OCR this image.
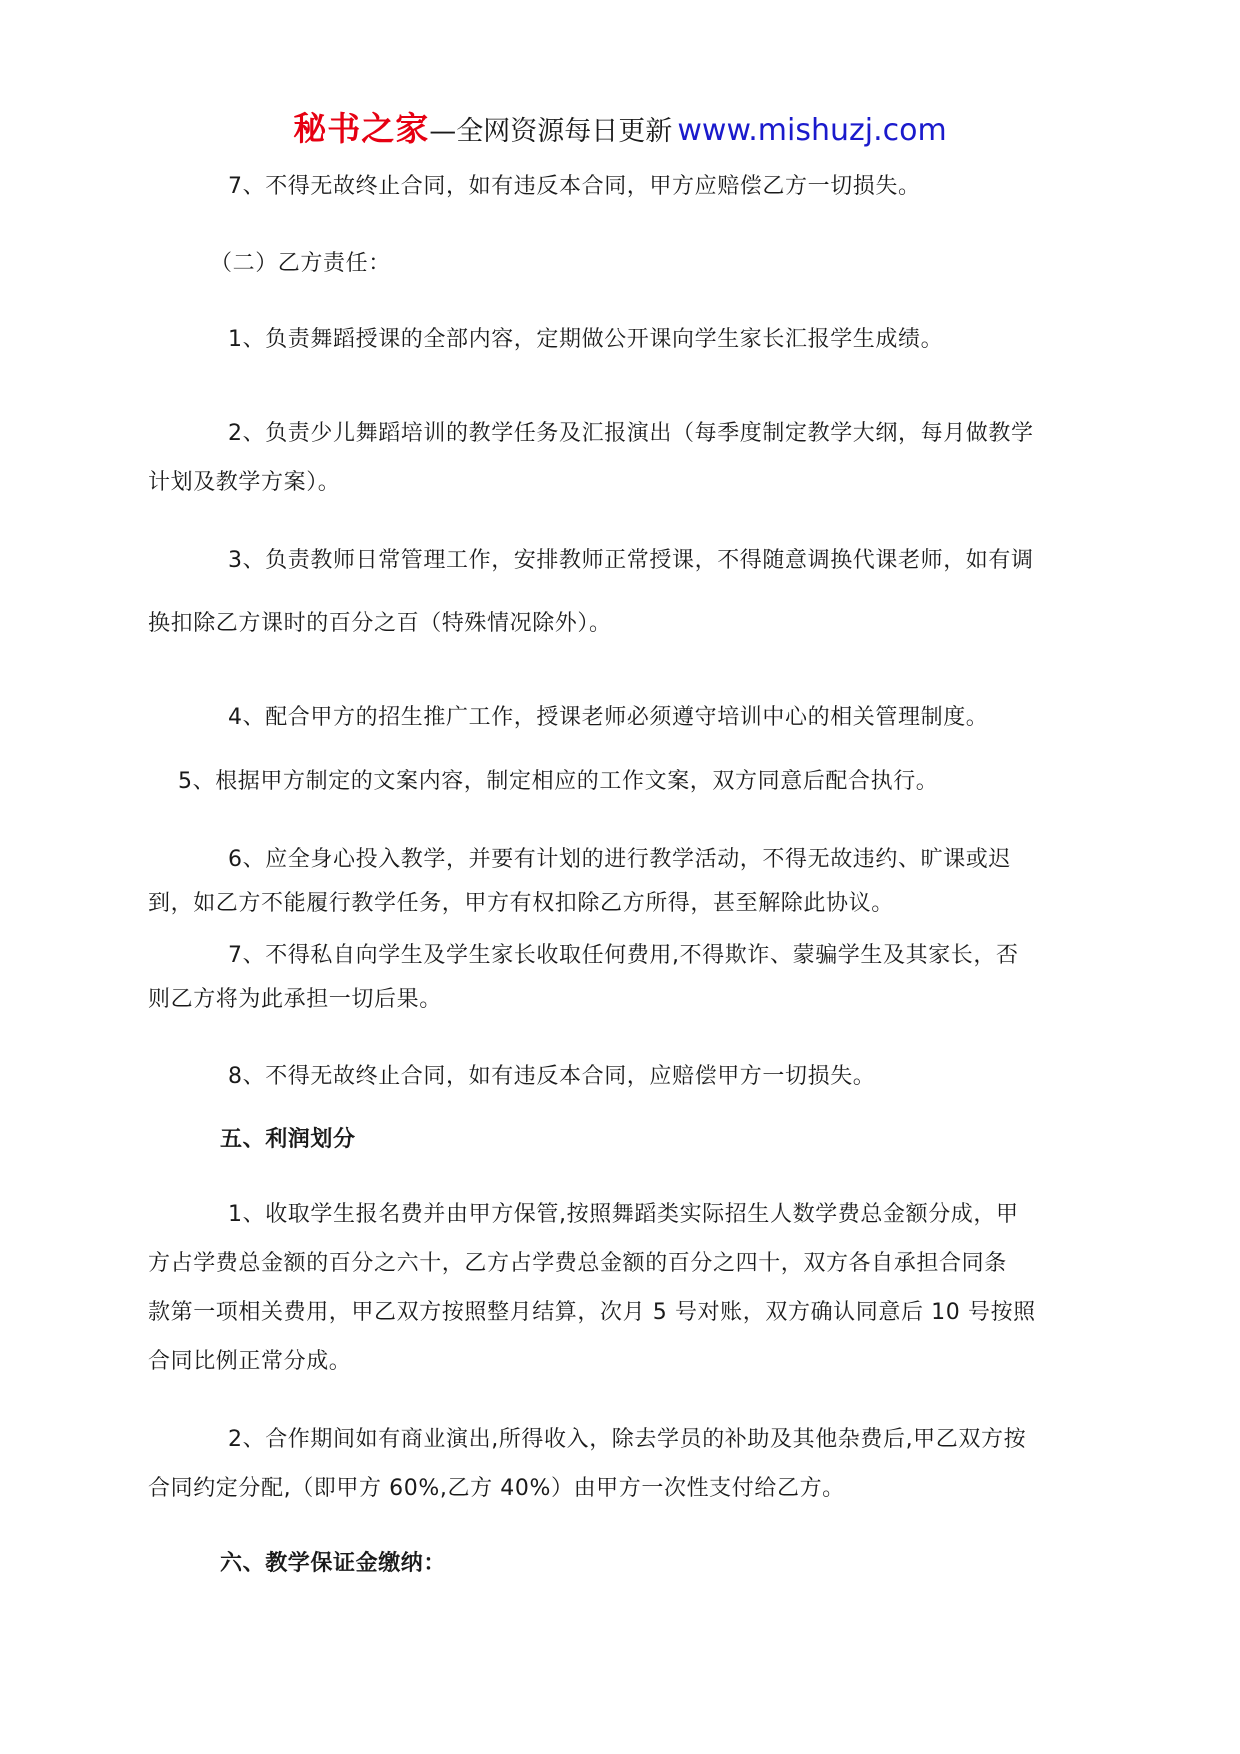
秘书之家—全网资源每日更新 www.mishuzj.com

7、不得无故终止合同，如有违反本合同，甲方应赔偿乙方一切损失。

（二）乙方责任：

1、负责舞蹈授课的全部内容，定期做公开课向学生家长汇报学生成绩。

2、负责少儿舞蹈培训的教学任务及汇报演出（每季度制定教学大纲，每月做教学

计划及教学方案）。

3、负责教师日常管理工作，安排教师正常授课，不得随意调换代课老师，如有调

换扣除乙方课时的百分之百（特殊情况除外）。

4、配合甲方的招生推广工作，授课老师必须遵守培训中心的相关管理制度。

5、根据甲方制定的文案内容，制定相应的工作文案，双方同意后配合执行。

6、应全身心投入教学，并要有计划的进行教学活动，不得无故违约、旷课或迟

到，如乙方不能履行教学任务，甲方有权扣除乙方所得，甚至解除此协议。

7、不得私自向学生及学生家长收取任何费用,不得欺诈、蒙骗学生及其家长，否

则乙方将为此承担一切后果。

8、不得无故终止合同，如有违反本合同，应赔偿甲方一切损失。

五、利润划分

1、收取学生报名费并由甲方保管,按照舞蹈类实际招生人数学费总金额分成，甲

方占学费总金额的百分之六十，乙方占学费总金额的百分之四十，双方各自承担合同条

款第一项相关费用，甲乙双方按照整月结算，次月 5 号对账，双方确认同意后 10 号按照

合同比例正常分成。

2、合作期间如有商业演出,所得收入，除去学员的补助及其他杂费后,甲乙双方按

合同约定分配,（即甲方 60%,乙方 40%）由甲方一次性支付给乙方。

六、教学保证金缴纳：
